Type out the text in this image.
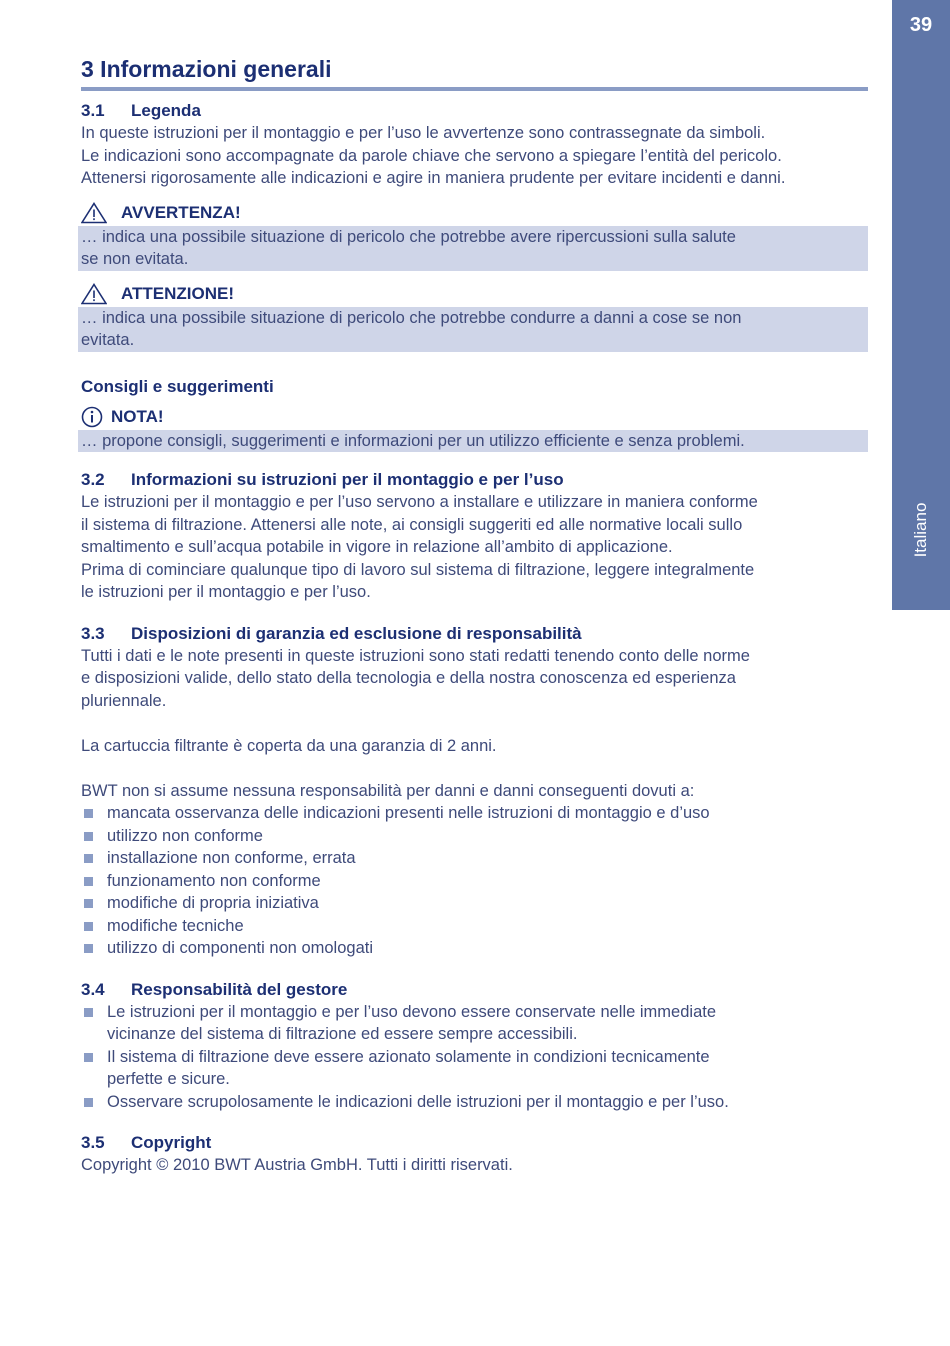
39
Italiano
3 Informazioni generali
3.1 Legenda

In queste istruzioni per il montaggio e per l’uso le avvertenze sono contrassegnate da simboli.

Le indicazioni sono accompagnate da parole chiave che servono a spiegare l’entità del pericolo.

Attenersi rigorosamente alle indicazioni e agire in maniera prudente per evitare incidenti e danni.

AVVERTENZA!
… indica una possibile situazione di pericolo che potrebbe avere ripercussioni sulla salute
se non evitata.
ATTENZIONE!
… indica una possibile situazione di pericolo che potrebbe condurre a danni a cose se non
evitata.
Consigli e suggerimenti
NOTA!
… propone consigli, suggerimenti e informazioni per un utilizzo efficiente e senza problemi.
3.2 Informazioni su istruzioni per il montaggio e per l’uso

Le istruzioni per il montaggio e per l’uso servono a installare e utilizzare in maniera conforme

il sistema di filtrazione. Attenersi alle note, ai consigli suggeriti ed alle normative locali sullo

smaltimento e sull’acqua potabile in vigore in relazione all’ambito di applicazione.

Prima di cominciare qualunque tipo di lavoro sul sistema di filtrazione, leggere integralmente

le istruzioni per il montaggio e per l’uso.

3.3 Disposizioni di garanzia ed esclusione di responsabilità

Tutti i dati e le note presenti in queste istruzioni sono stati redatti tenendo conto delle norme

e disposizioni valide, dello stato della tecnologia e della nostra conoscenza ed esperienza

pluriennale.

La cartuccia filtrante è coperta da una garanzia di 2 anni.

BWT non si assume nessuna responsabilità per danni e danni conseguenti dovuti a:

mancata osservanza delle indicazioni presenti nelle istruzioni di montaggio e d’uso
utilizzo non conforme
installazione non conforme, errata
funzionamento non conforme
modifiche di propria iniziativa
modifiche tecniche
utilizzo di componenti non omologati
3.4 Responsabilità del gestore
Le istruzioni per il montaggio e per l’uso devono essere conservate nelle immediate
vicinanze del sistema di filtrazione ed essere sempre accessibili.
Il sistema di filtrazione deve essere azionato solamente in condizioni tecnicamente
perfette e sicure.
Osservare scrupolosamente le indicazioni delle istruzioni per il montaggio e per l’uso.
3.5 Copyright

Copyright © 2010 BWT Austria GmbH. Tutti i diritti riservati.
